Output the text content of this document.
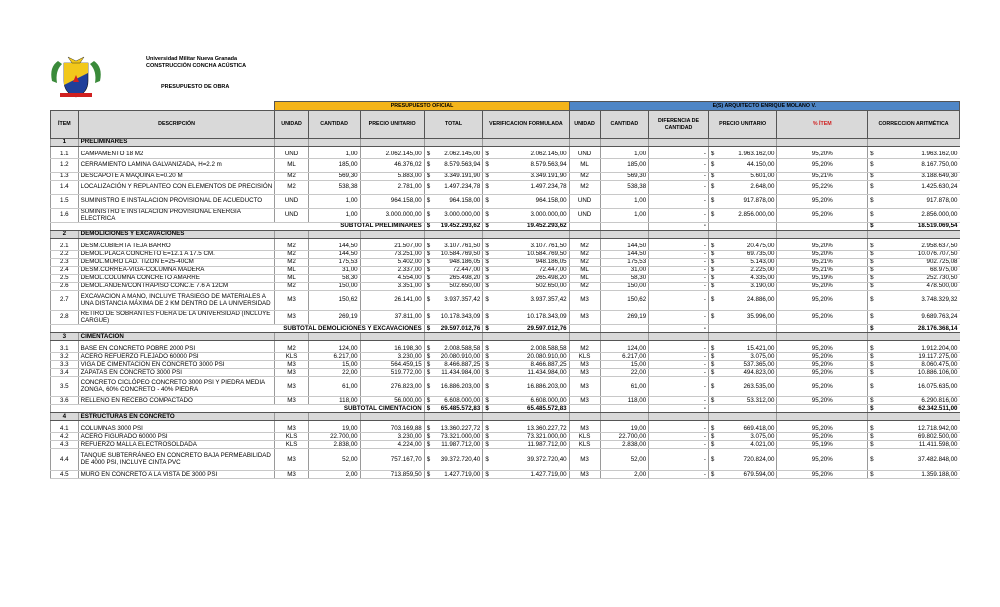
Universidad Militar Nueva Granada
CONSTRUCCIÓN CONCHA ACÚSTICA
PRESUPUESTO DE OBRA
		PRESUPUESTO OFICIAL					E(S) ARQUITECTO ENRIQUE MOLANO V.					
ÍTEM	DESCRIPCIÓN	UNIDAD	CANTIDAD	PRECIO UNITARIO	TOTAL	VERIFICACION FORMULADA	UNIDAD	CANTIDAD	DIFERENCIA DE CANTIDAD	PRECIO UNITARIO	% ÍTEM	CORRECCION ARITMÉTICA
1	PRELIMINARES											

1.1	CAMPAMENTO 18 M2	UND	1,00	2.062.145,00	$ 2.062.145,00	$ 2.062.145,00	UND	1,00	-	$ 1.963.162,00	95,20%	$ 1.963.162,00

1.2	CERRAMIENTO LAMINA GALVANIZADA, H=2.2 m	ML	185,00	46.376,02	$ 8.579.563,94	$ 8.579.563,94	ML	185,00	-	$ 44.150,00	95,20%	$ 8.167.750,00

1.3	DESCAPOTE A MAQUINA E=0.20 M	M2	569,30	5.883,00	$ 3.349.191,90	$ 3.349.191,90	M2	569,30	-	$ 5.601,00	95,21%	$ 3.188.649,30

1.4	LOCALIZACIÓN Y REPLANTEO CON ELEMENTOS DE PRECISIÓN	M2	538,38	2.781,00	$ 1.497.234,78	$ 1.497.234,78	M2	538,38	-	$ 2.648,00	95,22%	$ 1.425.630,24

1.5	SUMINISTRO E INSTALACION PROVISIONAL DE ACUEDUCTO	UND	1,00	964.158,00	$ 964.158,00	$ 964.158,00	UND	1,00	-	$ 917.878,00	95,20%	$ 917.878,00

1.6	SUMINISTRO E INSTALACION PROVISIONAL ENERGIA ELECTRICA	UND	1,00	3.000.000,00	$ 3.000.000,00	$ 3.000.000,00	UND	1,00	-	$ 2.856.000,00	95,20%	$ 2.856.000,00

SUBTOTAL PRELIMINARES					$ 19.452.293,62	$ 19.452.293,62			-			$ 18.519.069,54

2	DEMOLICIONES Y EXCAVACIONES											

2.1	DESM.CUBIERTA TEJA BARRO	M2	144,50	21.507,00	$ 3.107.761,50	$ 3.107.761,50	M2	144,50	-	$ 20.475,00	95,20%	$ 2.958.637,50

2.2	DEMOL.PLACA CONCRETO E=12.1 A 17.5 CM.	M2	144,50	73.251,00	$ 10.584.769,50	$ 10.584.769,50	M2	144,50	-	$ 69.735,00	95,20%	$ 10.076.707,50

2.3	DEMOL.MURO LAD. TIZON E=25-40CM	M2	175,53	5.402,00	$ 948.186,05	$ 948.186,05	M2	175,53	-	$ 5.143,00	95,21%	$ 902.725,08

2.4	DESM.CORREA-VIGA-COLUMNA MADERA	ML	31,00	2.337,00	$ 72.447,00	$ 72.447,00	ML	31,00	-	$ 2.225,00	95,21%	$ 68.975,00

2.5	DEMOL.COLUMNA CONCRETO AMARRE	ML	58,30	4.554,00	$ 265.498,20	$ 265.498,20	ML	58,30	-	$ 4.335,00	95,19%	$ 252.730,50

2.6	DEMOL.ANDEN/CONTRAPISO CONC.E 7.6 A 12CM	M2	150,00	3.351,00	$ 502.650,00	$ 502.650,00	M2	150,00	-	$ 3.190,00	95,20%	$ 478.500,00

2.7	EXCAVACION A MANO, INCLUYE TRASIEGO DE MATERIALES A UNA DISTANCIA MÁXIMA DE 2 KM DENTRO DE LA UNIVERSIDAD	M3	150,62	26.141,00	$ 3.937.357,42	$ 3.937.357,42	M3	150,62	-	$ 24.886,00	95,20%	$ 3.748.329,32

2.8	RETIRO DE SOBRANTES FUERA DE LA UNIVERSIDAD (INCLUYE CARGUE)	M3	269,19	37.811,00	$ 10.178.343,09	$ 10.178.343,09	M3	269,19	-	$ 35.996,00	95,20%	$ 9.689.763,24

SUBTOTAL DEMOLICIONES Y EXCAVACIONES					$ 29.597.012,76	$ 29.597.012,76			-			$ 28.176.368,14

3	CIMENTACION											

3.1	BASE EN CONCRETO POBRE 2000 PSI	M2	124,00	16.198,30	$ 2.008.588,58	$ 2.008.588,58	M2	124,00	-	$ 15.421,00	95,20%	$ 1.912.204,00

3.2	ACERO REFUERZO FLEJADO 60000 PSI	KLS	6.217,00	3.230,00	$ 20.080.910,00	$ 20.080.910,00	KLS	6.217,00	-	$ 3.075,00	95,20%	$ 19.117.275,00

3.3	VIGA DE CIMENTACION EN CONCRETO 3000 PSI	M3	15,00	564.459,15	$ 8.466.887,25	$ 8.466.887,25	M3	15,00	-	$ 537.365,00	95,20%	$ 8.060.475,00

3.4	ZAPATAS EN CONCRETO 3000 PSI	M3	22,00	519.772,00	$ 11.434.984,00	$ 11.434.984,00	M3	22,00	-	$ 494.823,00	95,20%	$ 10.886.106,00

3.5	CONCRETO CICLÓPEO CONCRETO 3000 PSI Y PIEDRA MEDIA ZONGA, 60% CONCRETO - 40% PIEDRA	M3	61,00	276.823,00	$ 16.886.203,00	$ 16.886.203,00	M3	61,00	-	$ 263.535,00	95,20%	$ 16.075.635,00

3.6	RELLENO EN RECEBO COMPACTADO	M3	118,00	56.000,00	$ 6.608.000,00	$ 6.608.000,00	M3	118,00	-	$ 53.312,00	95,20%	$ 6.290.816,00

SUBTOTAL CIMENTACION					$ 65.485.572,83	$ 65.485.572,83			-			$ 62.342.511,00

4	ESTRUCTURAS EN CONCRETO											

4.1	COLUMNAS 3000 PSI	M3	19,00	703.169,88	$ 13.360.227,72	$ 13.360.227,72	M3	19,00	-	$ 669.418,00	95,20%	$ 12.718.942,00

4.2	ACERO FIGURADO 60000 PSI	KLS	22.700,00	3.230,00	$ 73.321.000,00	$ 73.321.000,00	KLS	22.700,00	-	$ 3.075,00	95,20%	$ 69.802.500,00

4.3	REFUERZO MALLA ELECTROSOLDADA	KLS	2.838,00	4.224,00	$ 11.987.712,00	$ 11.987.712,00	KLS	2.838,00	-	$ 4.021,00	95,19%	$ 11.411.598,00

4.4	TANQUE SUBTERRÁNEO EN CONCRETO BAJA PERMEABILIDAD DE 4000 PSI, INCLUYE CINTA PVC	M3	52,00	757.167,70	$ 39.372.720,40	$ 39.372.720,40	M3	52,00	-	$ 720.824,00	95,20%	$ 37.482.848,00

4.5	MURO EN CONCRETO A LA VISTA DE 3000 PSI	M3	2,00	713.859,50	$ 1.427.719,00	$ 1.427.719,00	M3	2,00	-	$ 679.594,00	95,20%	$ 1.359.188,00
